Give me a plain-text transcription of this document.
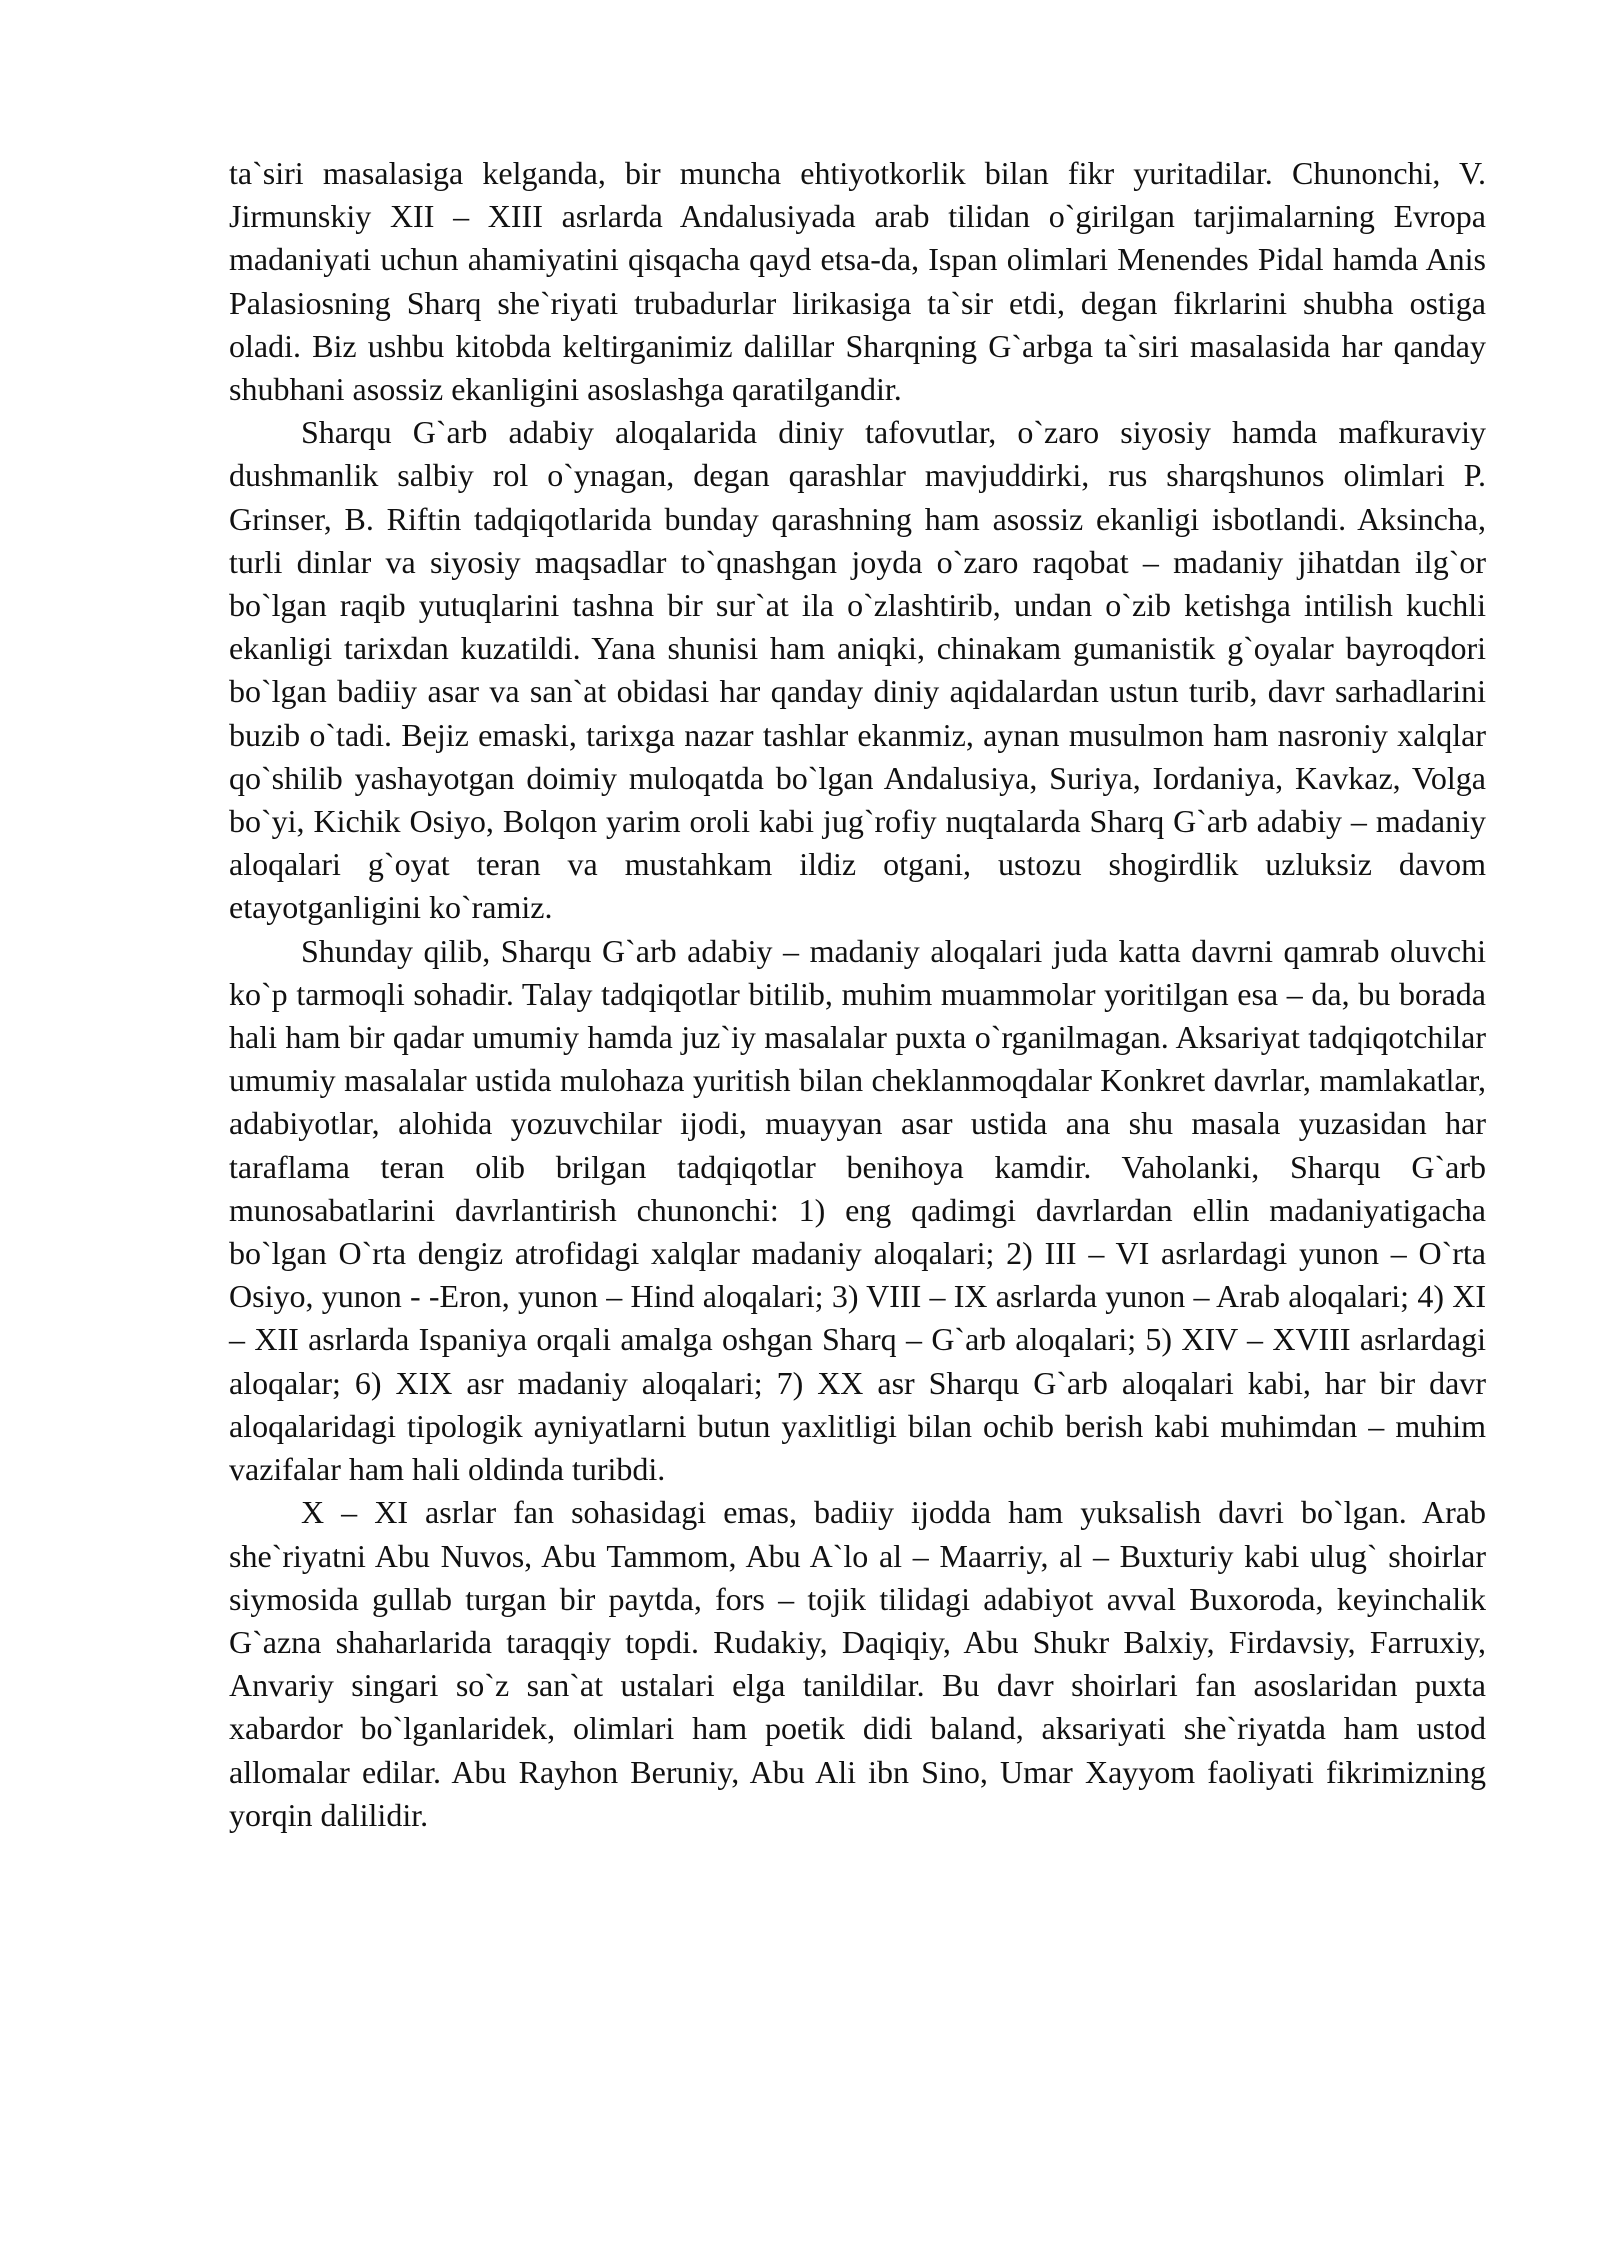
ta`siri masalasiga kelganda, bir muncha ehtiyotkorlik bilan fikr yuritadilar. Chunonchi, V. Jirmunskiy XII – XIII asrlarda Andalusiyada arab tilidan o`girilgan tarjimalarning Evropa madaniyati uchun ahamiyatini qisqacha qayd etsa-da, Ispan olimlari Menendes Pidal hamda Anis Palasiosning Sharq she`riyati trubadurlar lirikasiga ta`sir etdi, degan fikrlarini shubha ostiga oladi. Biz ushbu kitobda keltirganimiz dalillar Sharqning G`arbga ta`siri masalasida har qanday shubhani asossiz ekanligini asoslashga qaratilgandir.

Sharqu G`arb adabiy aloqalarida diniy tafovutlar, o`zaro siyosiy hamda mafkuraviy dushmanlik salbiy rol o`ynagan, degan qarashlar mavjuddirki, rus sharqshunos olimlari P. Grinser, B. Riftin tadqiqotlarida bunday qarashning ham asossiz ekanligi isbotlandi. Aksincha, turli dinlar va siyosiy maqsadlar to`qnashgan joyda o`zaro raqobat – madaniy jihatdan ilg`or bo`lgan raqib yutuqlarini tashna bir sur`at ila o`zlashtirib, undan o`zib ketishga intilish kuchli ekanligi tarixdan kuzatildi. Yana shunisi ham aniqki, chinakam gumanistik g`oyalar bayroqdori bo`lgan badiiy asar va san`at obidasi har qanday diniy aqidalardan ustun turib, davr sarhadlarini buzib o`tadi. Bejiz emaski, tarixga nazar tashlar ekanmiz, aynan musulmon ham nasroniy xalqlar qo`shilib yashayotgan doimiy muloqatda bo`lgan Andalusiya, Suriya, Iordaniya, Kavkaz, Volga bo`yi, Kichik Osiyo, Bolqon yarim oroli kabi jug`rofiy nuqtalarda Sharq G`arb adabiy – madaniy aloqalari g`oyat teran va mustahkam ildiz otgani, ustozu shogirdlik uzluksiz davom etayotganligini ko`ramiz.

Shunday qilib, Sharqu G`arb adabiy – madaniy aloqalari juda katta davrni qamrab oluvchi ko`p tarmoqli sohadir. Talay tadqiqotlar bitilib, muhim muammolar yoritilgan esa – da, bu borada hali ham bir qadar umumiy hamda juz`iy masalalar puxta o`rganilmagan. Aksariyat tadqiqotchilar umumiy masalalar ustida mulohaza yuritish bilan cheklanmoqdalar Konkret davrlar, mamlakatlar, adabiyotlar, alohida yozuvchilar ijodi, muayyan asar ustida ana shu masala yuzasidan har taraflama teran olib brilgan tadqiqotlar benihoya kamdir. Vaholanki, Sharqu G`arb munosabatlarini davrlantirish chunonchi: 1) eng qadimgi davrlardan ellin madaniyatigacha bo`lgan O`rta dengiz atrofidagi xalqlar madaniy aloqalari; 2) III – VI asrlardagi yunon – O`rta Osiyo, yunon - -Eron, yunon – Hind aloqalari; 3) VIII – IX asrlarda yunon – Arab aloqalari; 4) XI – XII asrlarda Ispaniya orqali amalga oshgan Sharq – G`arb aloqalari; 5) XIV – XVIII asrlardagi aloqalar; 6) XIX asr madaniy aloqalari; 7) XX asr Sharqu G`arb aloqalari kabi, har bir davr aloqalaridagi tipologik ayniyatlarni butun yaxlitligi bilan ochib berish kabi muhimdan – muhim vazifalar ham hali oldinda turibdi.

X – XI asrlar fan sohasidagi emas, badiiy ijodda ham yuksalish davri bo`lgan. Arab she`riyatni Abu Nuvos, Abu Tammom, Abu A`lo al – Maarriy, al – Buxturiy kabi ulug` shoirlar siymosida gullab turgan bir paytda, fors – tojik tilidagi adabiyot avval Buxoroda, keyinchalik G`azna shaharlarida taraqqiy topdi. Rudakiy, Daqiqiy, Abu Shukr Balxiy, Firdavsiy, Farruxiy, Anvariy singari so`z san`at ustalari elga tanildilar. Bu davr shoirlari fan asoslaridan puxta xabardor bo`lganlaridek, olimlari ham poetik didi baland, aksariyati she`riyatda ham ustod allomalar edilar. Abu Rayhon Beruniy, Abu Ali ibn Sino, Umar Xayyom faoliyati fikrimizning yorqin dalilidir.
